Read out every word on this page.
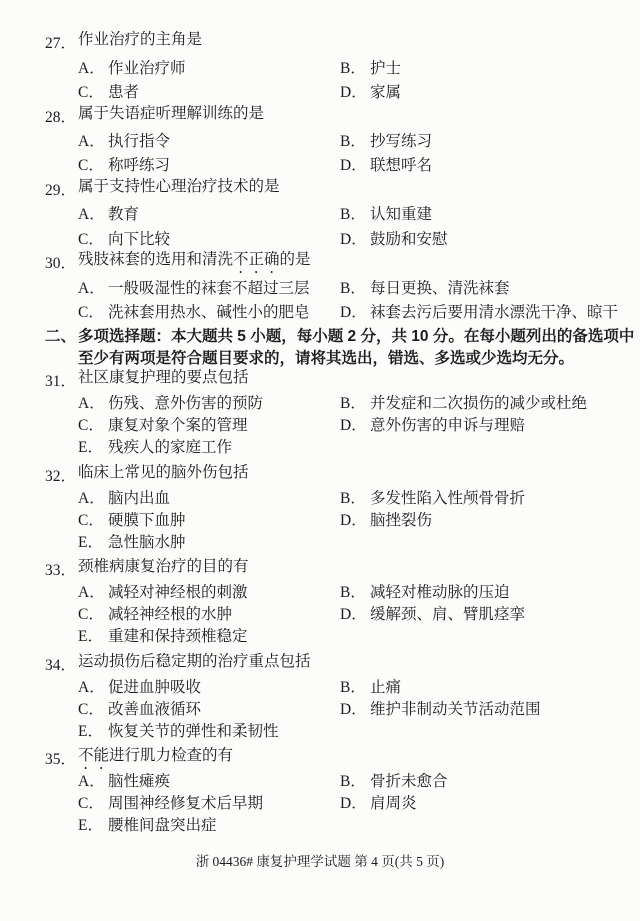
27． 作业治疗的主角是
A． 作业治疗师	B． 护士
C． 患者	D． 家属
28． 属于失语症听理解训练的是
A． 执行指令	B． 抄写练习
C． 称呼练习	D． 联想呼名
29． 属于支持性心理治疗技术的是
A． 教育	B． 认知重建
C． 向下比较	D． 鼓励和安慰
30． 残肢袜套的选用和清洗不正确的是
A． 一般吸湿性的袜套不超过三层	B． 每日更换、清洗袜套
C． 洗袜套用热水、碱性小的肥皂	D． 袜套去污后要用清水漂洗干净、晾干
二、 多项选择题：本大题共 5 小题，每小题 2 分，共 10 分。在每小题列出的备选项中
至少有两项是符合题目要求的，请将其选出，错选、多选或少选均无分。
31． 社区康复护理的要点包括
A． 伤残、意外伤害的预防	B． 并发症和二次损伤的减少或杜绝
C． 康复对象个案的管理	D． 意外伤害的申诉与理赔
E． 残疾人的家庭工作
32． 临床上常见的脑外伤包括
A． 脑内出血	B． 多发性陷入性颅骨骨折
C． 硬膜下血肿	D． 脑挫裂伤
E． 急性脑水肿
33． 颈椎病康复治疗的目的有
A． 减轻对神经根的刺激	B． 减轻对椎动脉的压迫
C． 减轻神经根的水肿	D． 缓解颈、肩、臂肌痉挛
E． 重建和保持颈椎稳定
34． 运动损伤后稳定期的治疗重点包括
A． 促进血肿吸收	B． 止痛
C． 改善血液循环	D． 维护非制动关节活动范围
E． 恢复关节的弹性和柔韧性
35． 不能进行肌力检查的有
A． 脑性瘫痪	B． 骨折未愈合
C． 周围神经修复术后早期	D． 肩周炎
E． 腰椎间盘突出症
浙 04436# 康复护理学试题 第 4 页(共 5 页)
